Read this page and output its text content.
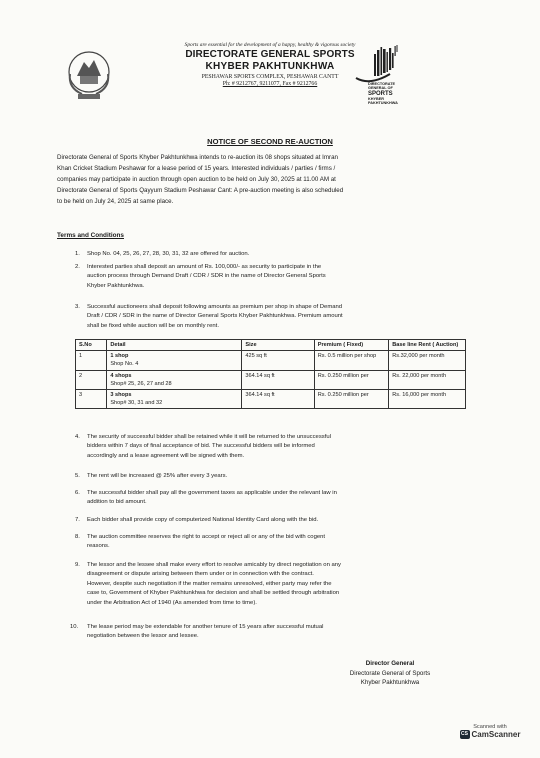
Sports are essential for the development of a happy, healthy & vigorous society
DIRECTORATE GENERAL SPORTS
KHYBER PAKHTUNKHWA
PESHAWAR SPORTS COMPLEX, PESHAWAR CANTT
Ph: # 9212767, 9211077, Fax # 9212766	DIRECTORATE
GENERAL OF
SPORTS
KHYBER
PAKHTUNKHWA
NOTICE OF SECOND RE-AUCTION
Directorate General of Sports Khyber Pakhtunkhwa intends to re-auction its 08 shops situated at Imran
Khan Cricket Stadium Peshawar for a lease period of 15 years. Interested individuals / parties / firms /
companies may participate in auction through open auction to be held on July 30, 2025 at 11.00 AM at
Directorate General of Sports Qayyum Stadium Peshawar Cant: A pre-auction meeting is also scheduled
to be held on July 24, 2025 at same place.
Terms and Conditions
1. Shop No. 04, 25, 26, 27, 28, 30, 31, 32 are offered for auction.
2. Interested parties shall deposit an amount of Rs. 100,000/- as security to participate in the
auction process through Demand Draft / CDR / SDR in the name of Director General Sports
Khyber Pakhtunkhwa.
3. Successful auctioneers shall deposit following amounts as premium per shop in shape of Demand
Draft / CDR / SDR in the name of Director General Sports Khyber Pakhtunkhwa. Premium amount
shall be fixed while auction will be on monthly rent.
S.No	Detail	Size	Premium ( Fixed)	Base line Rent ( Auction)
1	1 shop
Shop No. 4	425 sq ft	Rs. 0.5 million per shop	Rs.32,000 per month
2	4 shops
Shop# 25, 26, 27 and 28	364.14 sq ft	Rs. 0.250 million per	Rs. 22,000 per month
3	3 shops
Shop# 30, 31 and 32	364.14 sq ft	Rs. 0.250 million per	Rs. 16,000 per month
4. The security of successful bidder shall be retained while it will be returned to the unsuccessful
bidders within 7 days of final acceptance of bid. The successful bidders will be informed
accordingly and a lease agreement will be signed with them.
5. The rent will be increased @ 25% after every 3 years.
6. The successful bidder shall pay all the government taxes as applicable under the relevant law in
addition to bid amount.
7. Each bidder shall provide copy of computerized National Identity Card along with the bid.
8. The auction committee reserves the right to accept or reject all or any of the bid with cogent
reasons.
9. The lessor and the lessee shall make every effort to resolve amicably by direct negotiation on any
disagreement or dispute arising between them under or in connection with the contract.
However, despite such negotiation if the matter remains unresolved, either party may refer the
case to, Government of Khyber Pakhtunkhwa for decision and shall be settled through arbitration
under the Arbitration Act of 1940 (As amended from time to time).
10. The lease period may be extendable for another tenure of 15 years after successful mutual
negotiation between the lessor and lessee.
Director General
Directorate General of Sports
Khyber Pakhtunkhwa
Scanned with
CS CamScanner
